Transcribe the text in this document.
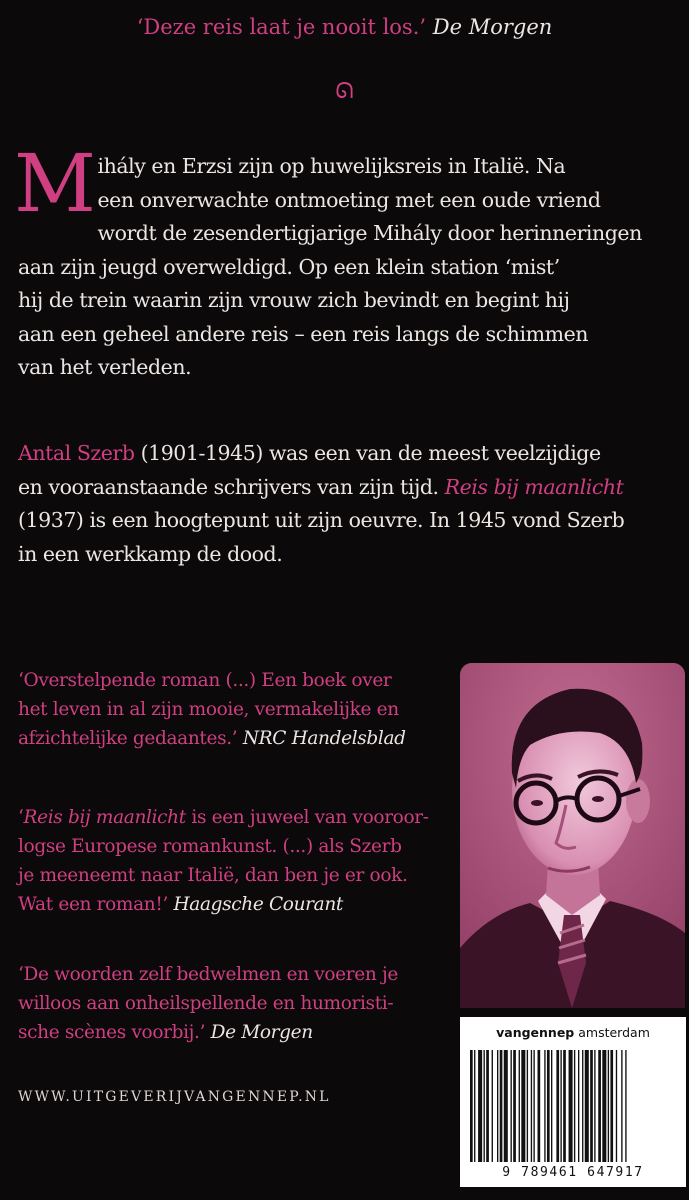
‘Deze reis laat je nooit los.’ De Morgen
ᘏ
M ihály en Erzsi zijn op huwelijksreis in Italië. Na
een onverwachte ontmoeting met een oude vriend
wordt de zesendertigjarige Mihály door herinneringen
aan zijn jeugd overweldigd. Op een klein station ‘mist’
hij de trein waarin zijn vrouw zich bevindt en begint hij
aan een geheel andere reis – een reis langs de schimmen
van het verleden.
Antal Szerb (1901-1945) was een van de meest veelzijdige
en vooraanstaande schrijvers van zijn tijd. Reis bij maanlicht
(1937) is een hoogtepunt uit zijn oeuvre. In 1945 vond Szerb
in een werkkamp de dood.
‘Overstelpende roman (...) Een boek over
het leven in al zijn mooie, vermakelijke en
afzichtelijke gedaantes.’ NRC Handelsblad
‘Reis bij maanlicht is een juweel van vooroor-
logse Europese romankunst. (...) als Szerb
je meeneemt naar Italië, dan ben je er ook.
Wat een roman!’ Haagsche Courant
‘De woorden zelf bedwelmen en voeren je
willoos aan onheilspellende en humoristi-
sche scènes voorbij.’ De Morgen
WWW.UITGEVERIJVANGENNEP.NL
vangennep amsterdam
9 789461 647917
